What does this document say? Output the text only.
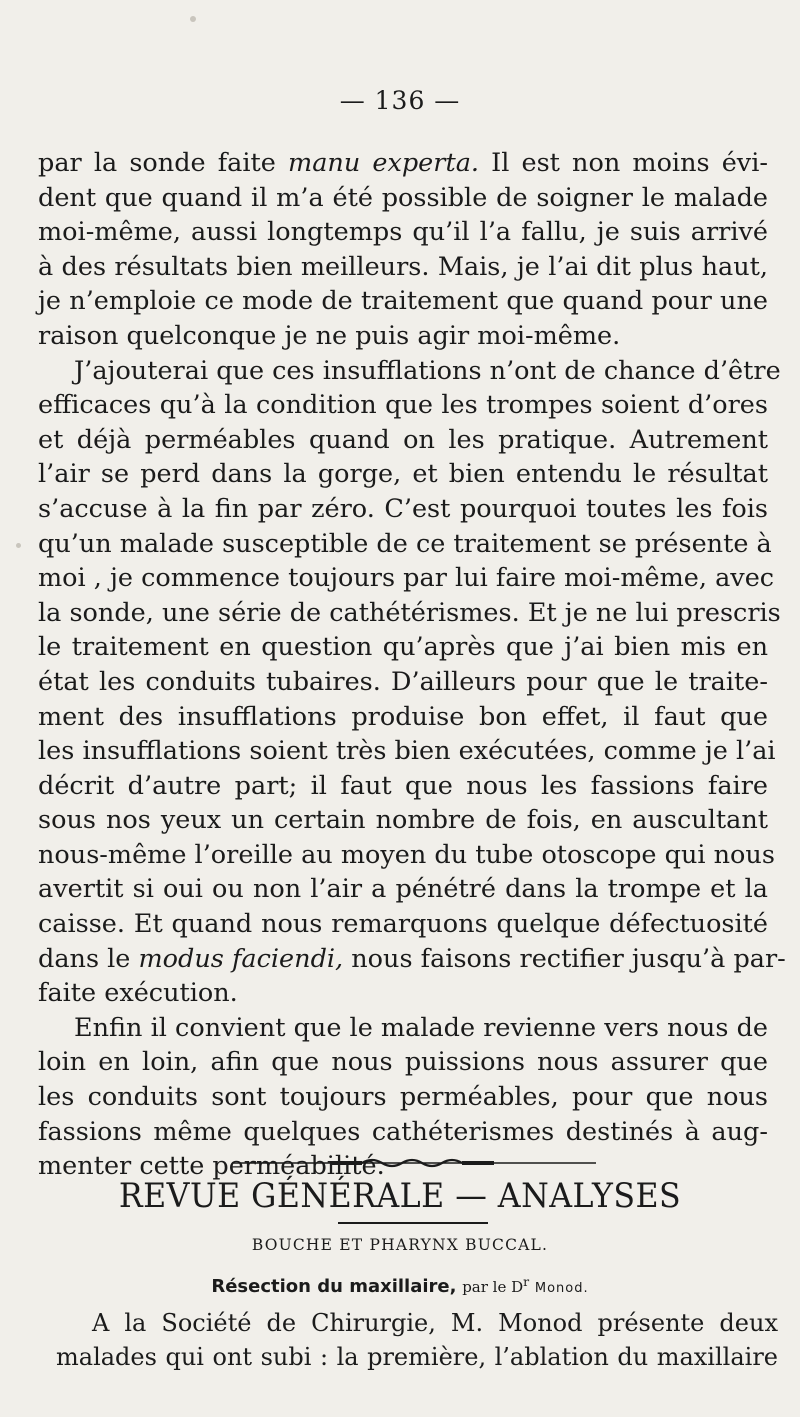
— 136 —
par la sonde faite manu experta. Il est non moins évi-
dent que quand il m’a été possible de soigner le malade
moi-même, aussi longtemps qu’il l’a fallu, je suis arrivé
à des résultats bien meilleurs. Mais, je l’ai dit plus haut,
je n’emploie ce mode de traitement que quand pour une
raison quelconque je ne puis agir moi-même.
J’ajouterai que ces insufflations n’ont de chance d’être
efficaces qu’à la condition que les trompes soient d’ores
et déjà perméables quand on les pratique. Autrement
l’air se perd dans la gorge, et bien entendu le résultat
s’accuse à la fin par zéro. C’est pourquoi toutes les fois
qu’un malade susceptible de ce traitement se présente à
moi , je commence toujours par lui faire moi-même, avec
la sonde, une série de cathétérismes. Et je ne lui prescris
le traitement en question qu’après que j’ai bien mis en
état les conduits tubaires. D’ailleurs pour que le traite-
ment des insufflations produise bon effet, il faut que
les insufflations soient très bien exécutées, comme je l’ai
décrit d’autre part; il faut que nous les fassions faire
sous nos yeux un certain nombre de fois, en auscultant
nous-même l’oreille au moyen du tube otoscope qui nous
avertit si oui ou non l’air a pénétré dans la trompe et la
caisse. Et quand nous remarquons quelque défectuosité
dans le modus faciendi, nous faisons rectifier jusqu’à par-
faite exécution.
Enfin il convient que le malade revienne vers nous de
loin en loin, afin que nous puissions nous assurer que
les conduits sont toujours perméables, pour que nous
fassions même quelques cathéterismes destinés à aug-
menter cette perméabilité.
REVUE GÉNÉRALE — ANALYSES
BOUCHE ET PHARYNX BUCCAL.
Résection du maxillaire, par le $D^r$ Monod.
A la Société de Chirurgie, M. Monod présente deux
malades qui ont subi : la première, l’ablation du maxillaire
